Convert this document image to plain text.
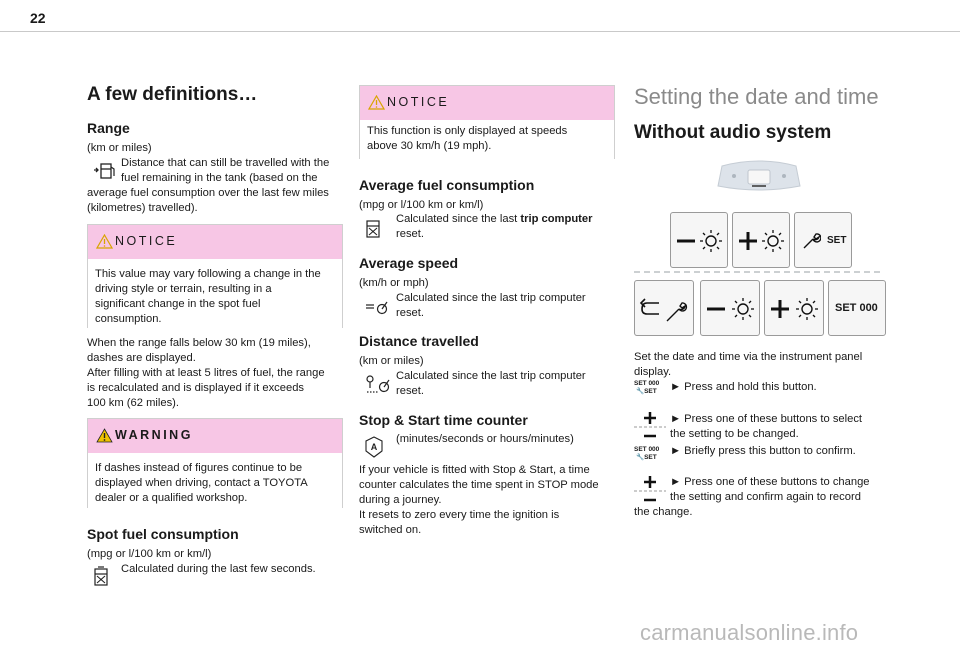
22
A few definitions…
Range
(km or miles)
Distance that can still be travelled with the
fuel remaining in the tank (based on the
average fuel consumption over the last few miles
(kilometres) travelled).
NOTICE
This value may vary following a change in the
driving style or terrain, resulting in a
significant change in the spot fuel
consumption.
When the range falls below 30 km (19 miles),
dashes are displayed.
After filling with at least 5 litres of fuel, the range
is recalculated and is displayed if it exceeds
100 km (62 miles).
WARNING
If dashes instead of figures continue to be
displayed when driving, contact a TOYOTA
dealer or a qualified workshop.
Spot fuel consumption
(mpg or l/100 km or km/l)
Calculated during the last few seconds.
NOTICE
This function is only displayed at speeds
above 30 km/h (19 mph).
Average fuel consumption
(mpg or l/100 km or km/l)
Calculated since the last trip computer
reset.
Average speed
(km/h or mph)
Calculated since the last trip computer
reset.
Distance travelled
(km or miles)
Calculated since the last trip computer
reset.
Stop & Start time counter
A
(minutes/seconds or hours/minutes)
If your vehicle is fitted with Stop & Start, a time
counter calculates the time spent in STOP mode
during a journey.
It resets to zero every time the ignition is
switched on.
Setting the date and time
Without audio system
SET
SET 000
Set the date and time via the instrument panel
display.
SET 000
🔧SET ► Press and hold this button.
► Press one of these buttons to select
the setting to be changed.
SET 000
🔧SET
► Briefly press this button to confirm.
► Press one of these buttons to change
the setting and confirm again to record
the change.
carmanualsonline.info
